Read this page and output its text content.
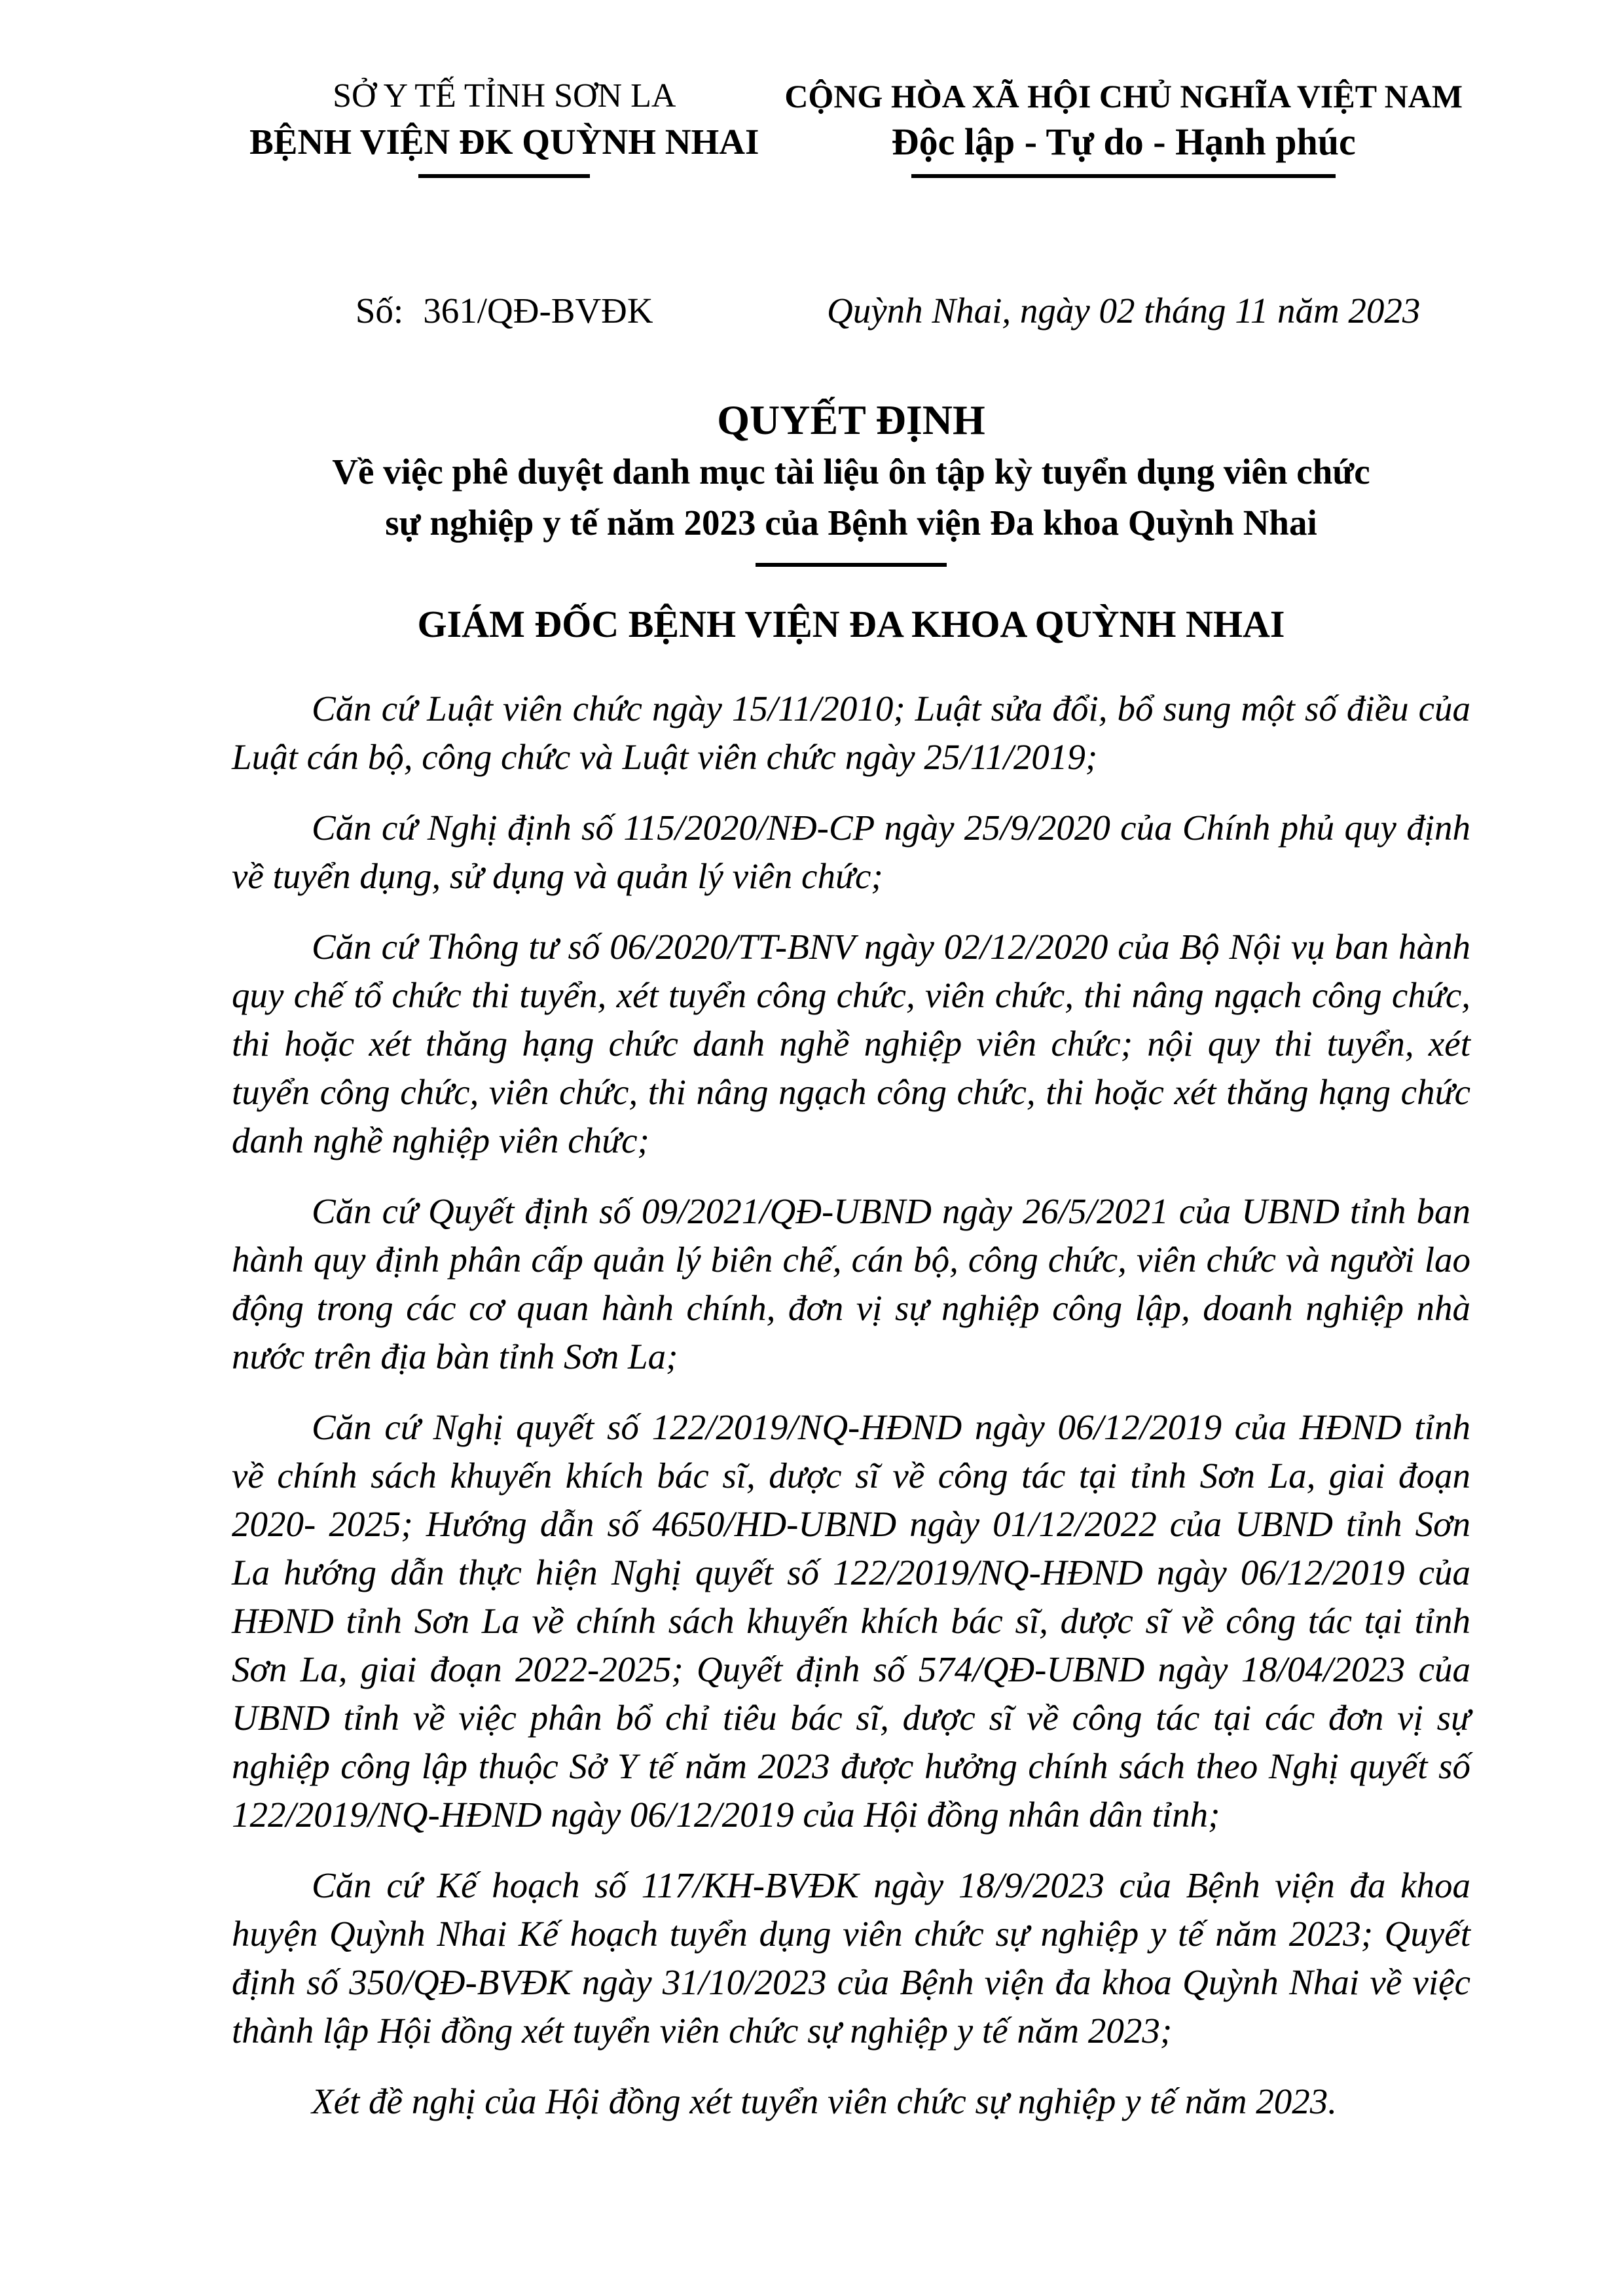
SỞ Y TẾ TỈNH SƠN LA
BỆNH VIỆN ĐK QUỲNH NHAI
CỘNG HÒA XÃ HỘI CHỦ NGHĨA VIỆT NAM
Độc lập - Tự do - Hạnh phúc
Số: 361/QĐ-BVĐK	Quỳnh Nhai, ngày 02 tháng 11 năm 2023
QUYẾT ĐỊNH
Về việc phê duyệt danh mục tài liệu ôn tập kỳ tuyển dụng viên chức
sự nghiệp y tế năm 2023 của Bệnh viện Đa khoa Quỳnh Nhai
GIÁM ĐỐC BỆNH VIỆN ĐA KHOA QUỲNH NHAI

Căn cứ Luật viên chức ngày 15/11/2010; Luật sửa đổi, bổ sung một số điều của Luật cán bộ, công chức và Luật viên chức ngày 25/11/2019;

Căn cứ Nghị định số 115/2020/NĐ-CP ngày 25/9/2020 của Chính phủ quy định về tuyển dụng, sử dụng và quản lý viên chức;

Căn cứ Thông tư số 06/2020/TT-BNV ngày 02/12/2020 của Bộ Nội vụ ban hành quy chế tổ chức thi tuyển, xét tuyển công chức, viên chức, thi nâng ngạch công chức, thi hoặc xét thăng hạng chức danh nghề nghiệp viên chức; nội quy thi tuyển, xét tuyển công chức, viên chức, thi nâng ngạch công chức, thi hoặc xét thăng hạng chức danh nghề nghiệp viên chức;

Căn cứ Quyết định số 09/2021/QĐ-UBND ngày 26/5/2021 của UBND tỉnh ban hành quy định phân cấp quản lý biên chế, cán bộ, công chức, viên chức và người lao động trong các cơ quan hành chính, đơn vị sự nghiệp công lập, doanh nghiệp nhà nước trên địa bàn tỉnh Sơn La;

Căn cứ Nghị quyết số 122/2019/NQ-HĐND ngày 06/12/2019 của HĐND tỉnh về chính sách khuyến khích bác sĩ, dược sĩ về công tác tại tỉnh Sơn La, giai đoạn 2020- 2025; Hướng dẫn số 4650/HD-UBND ngày 01/12/2022 của UBND tỉnh Sơn La hướng dẫn thực hiện Nghị quyết số 122/2019/NQ-HĐND ngày 06/12/2019 của HĐND tỉnh Sơn La về chính sách khuyến khích bác sĩ, dược sĩ về công tác tại tỉnh Sơn La, giai đoạn 2022-2025; Quyết định số 574/QĐ-UBND ngày 18/04/2023 của UBND tỉnh về việc phân bổ chỉ tiêu bác sĩ, dược sĩ về công tác tại các đơn vị sự nghiệp công lập thuộc Sở Y tế năm 2023 được hưởng chính sách theo Nghị quyết số 122/2019/NQ-HĐND ngày 06/12/2019 của Hội đồng nhân dân tỉnh;

Căn cứ Kế hoạch số 117/KH-BVĐK ngày 18/9/2023 của Bệnh viện đa khoa huyện Quỳnh Nhai Kế hoạch tuyển dụng viên chức sự nghiệp y tế năm 2023; Quyết định số 350/QĐ-BVĐK ngày 31/10/2023 của Bệnh viện đa khoa Quỳnh Nhai về việc thành lập Hội đồng xét tuyển viên chức sự nghiệp y tế năm 2023;

Xét đề nghị của Hội đồng xét tuyển viên chức sự nghiệp y tế năm 2023.
